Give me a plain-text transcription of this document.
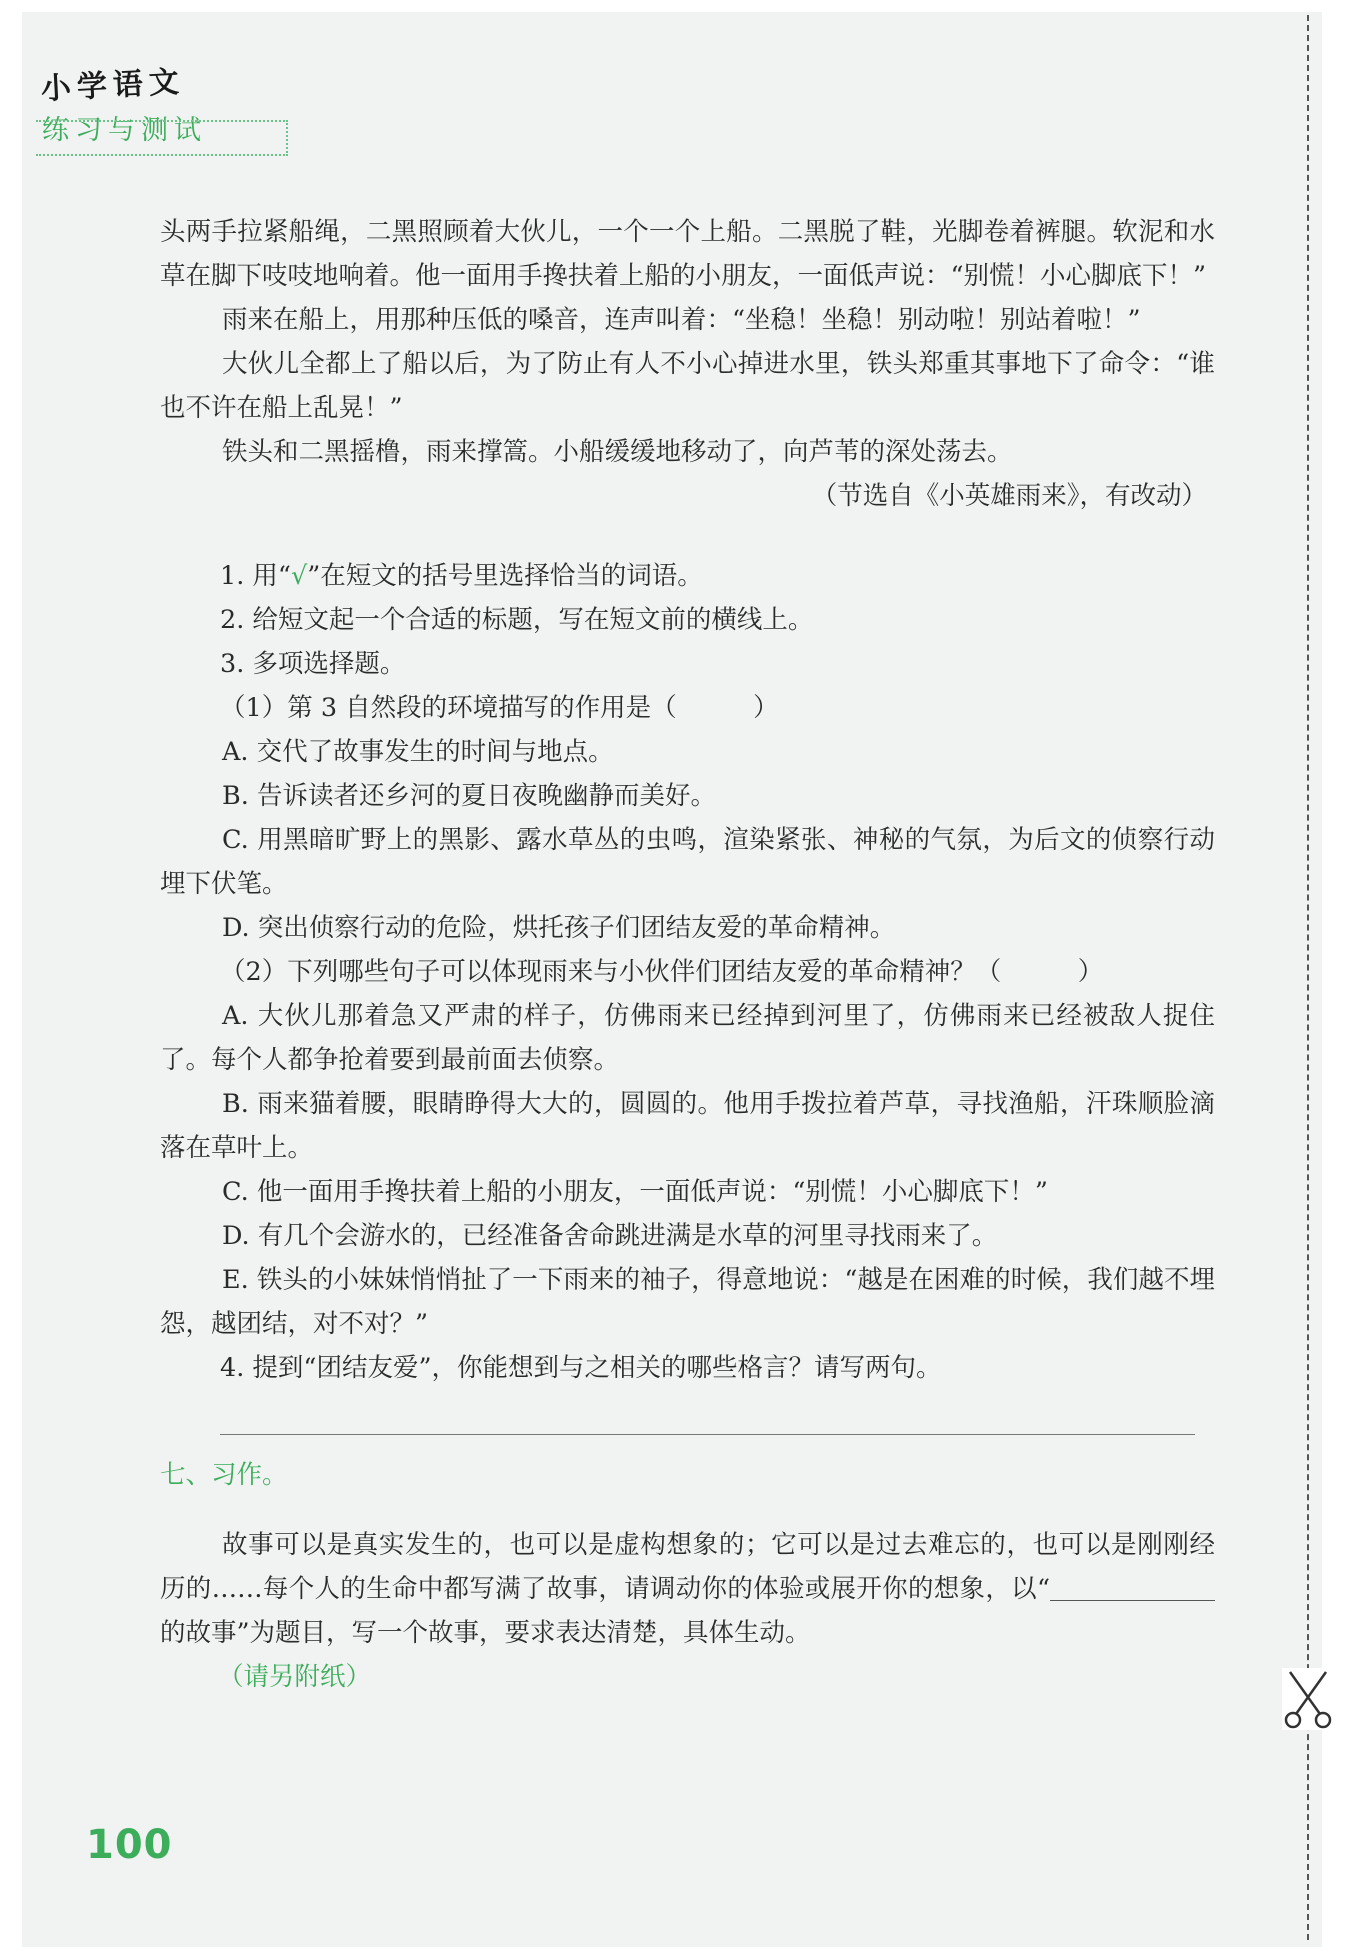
小学语文
练习与测试

头两手拉紧船绳，二黑照顾着大伙儿，一个一个上船。二黑脱了鞋，光脚卷着裤腿。软泥和水草在脚下吱吱地响着。他一面用手搀扶着上船的小朋友，一面低声说：“别慌！小心脚底下！”

雨来在船上，用那种压低的嗓音，连声叫着：“坐稳！坐稳！别动啦！别站着啦！”

大伙儿全都上了船以后，为了防止有人不小心掉进水里，铁头郑重其事地下了命令：“谁也不许在船上乱晃！”

铁头和二黑摇橹，雨来撑篙。小船缓缓地移动了，向芦苇的深处荡去。

（节选自《小英雄雨来》，有改动）

1. 用“√”在短文的括号里选择恰当的词语。

2. 给短文起一个合适的标题，写在短文前的横线上。

3. 多项选择题。

（1）第 3 自然段的环境描写的作用是（　　　）

A. 交代了故事发生的时间与地点。

B. 告诉读者还乡河的夏日夜晚幽静而美好。

C. 用黑暗旷野上的黑影、露水草丛的虫鸣，渲染紧张、神秘的气氛，为后文的侦察行动埋下伏笔。

D. 突出侦察行动的危险，烘托孩子们团结友爱的革命精神。

（2）下列哪些句子可以体现雨来与小伙伴们团结友爱的革命精神？（　　　）

A. 大伙儿那着急又严肃的样子，仿佛雨来已经掉到河里了，仿佛雨来已经被敌人捉住了。每个人都争抢着要到最前面去侦察。

B. 雨来猫着腰，眼睛睁得大大的，圆圆的。他用手拨拉着芦草，寻找渔船，汗珠顺脸滴落在草叶上。

C. 他一面用手搀扶着上船的小朋友，一面低声说：“别慌！小心脚底下！”

D. 有几个会游水的，已经准备舍命跳进满是水草的河里寻找雨来了。

E. 铁头的小妹妹悄悄扯了一下雨来的袖子，得意地说：“越是在困难的时候，我们越不埋怨，越团结，对不对？”

4. 提到“团结友爱”，你能想到与之相关的哪些格言？请写两句。

七、习作。

故事可以是真实发生的，也可以是虚构想象的；它可以是过去难忘的，也可以是刚刚经历的……每个人的生命中都写满了故事，请调动你的体验或展开你的想象，以“的故事”为题目，写一个故事，要求表达清楚，具体生动。

（请另附纸）

100
